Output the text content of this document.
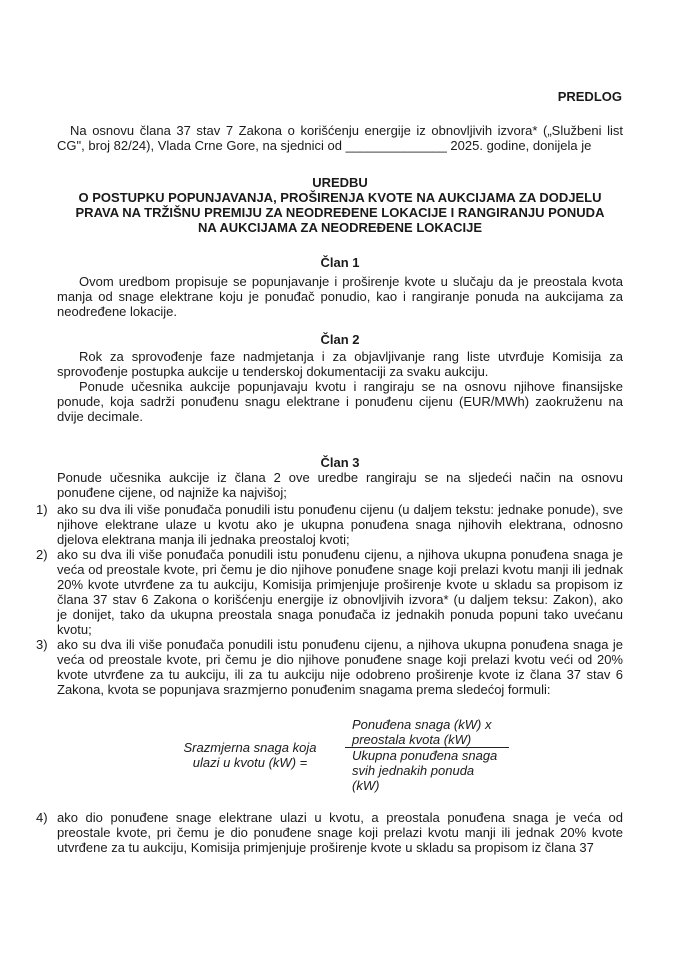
PREDLOG
Na osnovu člana 37 stav 7 Zakona o korišćenju energije iz obnovljivih izvora* („Službeni list
CG", broj 82/24), Vlada Crne Gore, na sjednici od ______________ 2025. godine, donijela je
UREDBU
O POSTUPKU POPUNJAVANJA, PROŠIRENJA KVOTE NA AUKCIJAMA ZA DODJELU
PRAVA NA TRŽIŠNU PREMIJU ZA NEODREĐENE LOKACIJE I RANGIRANJU PONUDA
NA AUKCIJAMA ZA NEODREĐENE LOKACIJE
Član 1
Ovom uredbom propisuje se popunjavanje i proširenje kvote u slučaju da je preostala kvota
manja od snage elektrane koju je ponuđač ponudio, kao i rangiranje ponuda na aukcijama za
neodređene lokacije.
Član 2
Rok za sprovođenje faze nadmjetanja i za objavljivanje rang liste utvrđuje Komisija za
sprovođenje postupka aukcije u tenderskoj dokumentaciji za svaku aukciju.
Ponude učesnika aukcije popunjavaju kvotu i rangiraju se na osnovu njihove finansijske
ponude, koja sadrži ponuđenu snagu elektrane i ponuđenu cijenu (EUR/MWh) zaokruženu na
dvije decimale.
Član 3
Ponude učesnika aukcije iz člana 2 ove uredbe rangiraju se na sljedeći način na osnovu
ponuđene cijene, od najniže ka najvišoj;
1) ako su dva ili više ponuđača ponudili istu ponuđenu cijenu (u daljem tekstu: jednake ponude), sve
njihove elektrane ulaze u kvotu ako je ukupna ponuđena snaga njihovih elektrana, odnosno
djelova elektrana manja ili jednaka preostaloj kvoti;
2) ako su dva ili više ponuđača ponudili istu ponuđenu cijenu, a njihova ukupna ponuđena snaga je
veća od preostale kvote, pri čemu je dio njihove ponuđene snage koji prelazi kvotu manji ili jednak
20% kvote utvrđene za tu aukciju, Komisija primjenjuje proširenje kvote u skladu sa propisom iz
člana 37 stav 6 Zakona o korišćenju energije iz obnovljivih izvora* (u daljem teksu: Zakon), ako
je donijet, tako da ukupna preostala snaga ponuđača iz jednakih ponuda popuni tako uvećanu
kvotu;
3) ako su dva ili više ponuđača ponudili istu ponuđenu cijenu, a njihova ukupna ponuđena snaga je
veća od preostale kvote, pri čemu je dio njihove ponuđene snage koji prelazi kvotu veći od 20%
kvote utvrđene za tu aukciju, ili za tu aukciju nije odobreno proširenje kvote iz člana 37 stav 6
Zakona, kvota se popunjava srazmjerno ponuđenim snagama prema sledećoj formuli:
Srazmjerna snaga koja
ulazi u kvotu (kW) =
Ponuđena snaga (kW) x
preostala kvota (kW)
Ukupna ponuđena snaga
svih jednakih ponuda
(kW)
4) ako dio ponuđene snage elektrane ulazi u kvotu, a preostala ponuđena snaga je veća od
preostale kvote, pri čemu je dio ponuđene snage koji prelazi kvotu manji ili jednak 20% kvote
utvrđene za tu aukciju, Komisija primjenjuje proširenje kvote u skladu sa propisom iz člana 37
